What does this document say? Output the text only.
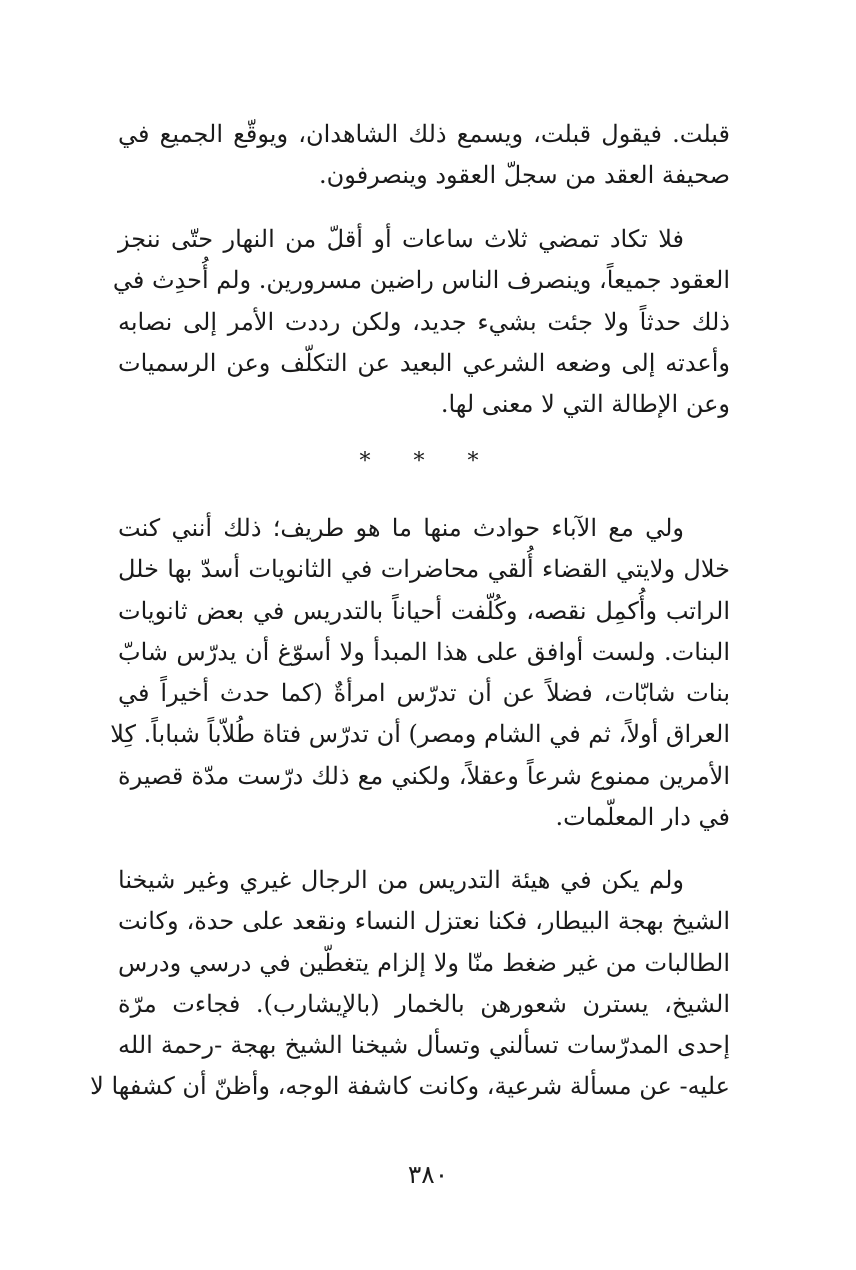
قبلت. فيقول قبلت، ويسمع ذلك الشاهدان، ويوقّع الجميع في
صحيفة العقد من سجلّ العقود وينصرفون.
فلا تكاد تمضي ثلاث ساعات أو أقلّ من النهار حتّى ننجز
العقود جميعاً، وينصرف الناس راضين مسرورين. ولم أُحدِث في
ذلك حدثاً ولا جئت بشيء جديد، ولكن رددت الأمر إلى نصابه
وأعدته إلى وضعه الشرعي البعيد عن التكلّف وعن الرسميات
وعن الإطالة التي لا معنى لها.
* * *
ولي مع الآباء حوادث منها ما هو طريف؛ ذلك أنني كنت
خلال ولايتي القضاء أُلقي محاضرات في الثانويات أسدّ بها خلل
الراتب وأُكمِل نقصه، وكُلّفت أحياناً بالتدريس في بعض ثانويات
البنات. ولست أوافق على هذا المبدأ ولا أسوّغ أن يدرّس شابّ
بنات شابّات، فضلاً عن أن تدرّس امرأةٌ (كما حدث أخيراً في
العراق أولاً، ثم في الشام ومصر) أن تدرّس فتاة طُلاّباً شباباً. كِلا
الأمرين ممنوع شرعاً وعقلاً، ولكني مع ذلك درّست مدّة قصيرة
في دار المعلّمات.
ولم يكن في هيئة التدريس من الرجال غيري وغير شيخنا
الشيخ بهجة البيطار، فكنا نعتزل النساء ونقعد على حدة، وكانت
الطالبات من غير ضغط منّا ولا إلزام يتغطّين في درسي ودرس
الشيخ، يسترن شعورهن بالخمار (بالإيشارب). فجاءت مرّة
إحدى المدرّسات تسألني وتسأل شيخنا الشيخ بهجة -رحمة الله
عليه- عن مسألة شرعية، وكانت كاشفة الوجه، وأظنّ أن كشفها لا
٣٨٠
